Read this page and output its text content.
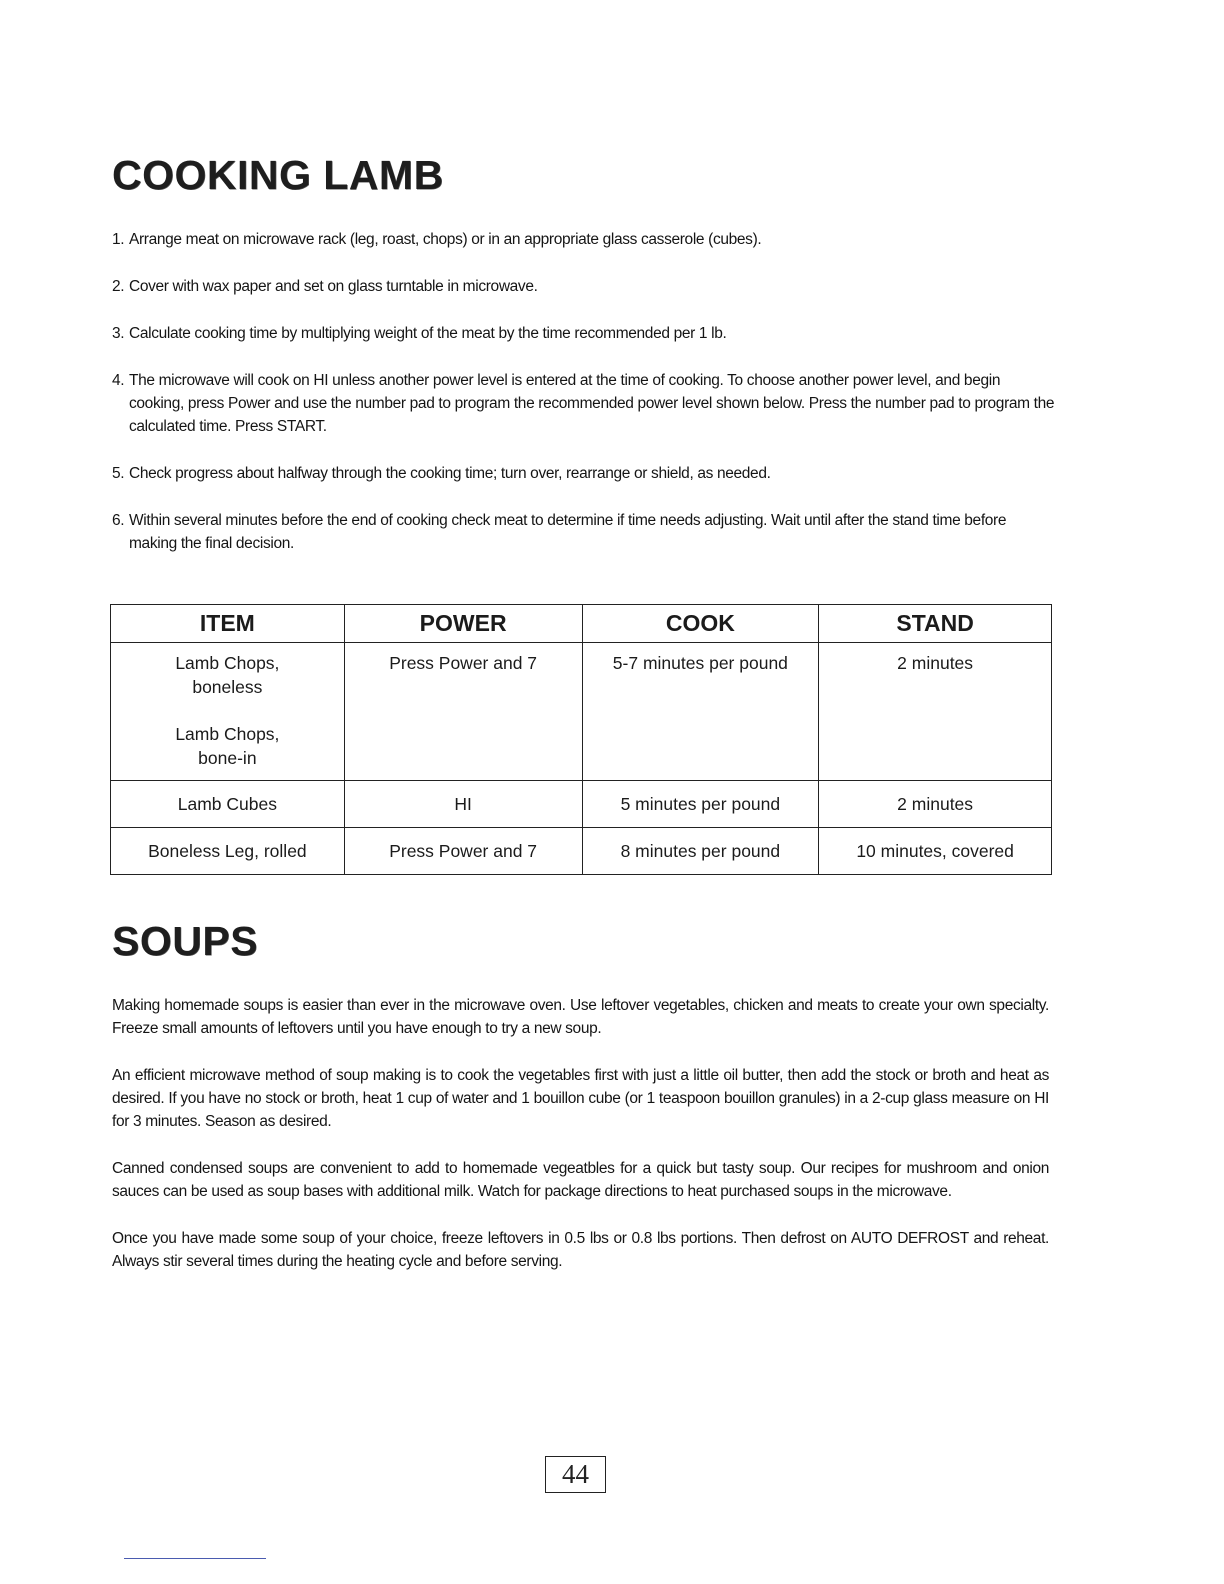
COOKING LAMB
1. Arrange meat on microwave rack (leg, roast, chops) or in an appropriate glass casserole (cubes).
2. Cover with wax paper and set on glass turntable in microwave.
3. Calculate cooking time by multiplying weight of the meat by the time recommended per 1 lb.
4. The microwave will cook on HI unless another power level is entered at the time of cooking. To choose another power level, and begin cooking, press Power and use the number pad to program the recommended power level shown below. Press the number pad to program the calculated time. Press START.
5. Check progress about halfway through the cooking time; turn over, rearrange or shield, as needed.
6. Within several minutes before the end of cooking check meat to determine if time needs adjusting. Wait until after the stand time before making the final decision.
ITEM	POWER	COOK	STAND
Lamb Chops,
boneless
Lamb Chops,
bone-in	Press Power and 7	5-7 minutes per pound	2 minutes
Lamb Cubes	HI	5 minutes per pound	2 minutes
Boneless Leg, rolled	Press Power and 7	8 minutes per pound	10 minutes, covered
SOUPS

Making homemade soups is easier than ever in the microwave oven. Use leftover vegetables, chicken and meats to create your own specialty. Freeze small amounts of leftovers until you have enough to try a new soup.

An efficient microwave method of soup making is to cook the vegetables first with just a little oil butter, then add the stock or broth and heat as desired. If you have no stock or broth, heat 1 cup of water and 1 bouillon cube (or 1 teaspoon bouillon granules) in a 2-cup glass measure on HI for 3 minutes. Season as desired.

Canned condensed soups are convenient to add to homemade vegeatbles for a quick but tasty soup. Our recipes for mushroom and onion sauces can be used as soup bases with additional milk. Watch for package directions to heat purchased soups in the microwave.

Once you have made some soup of your choice, freeze leftovers in 0.5 lbs or 0.8 lbs portions. Then defrost on AUTO DEFROST and reheat. Always stir several times during the heating cycle and before serving.

44
